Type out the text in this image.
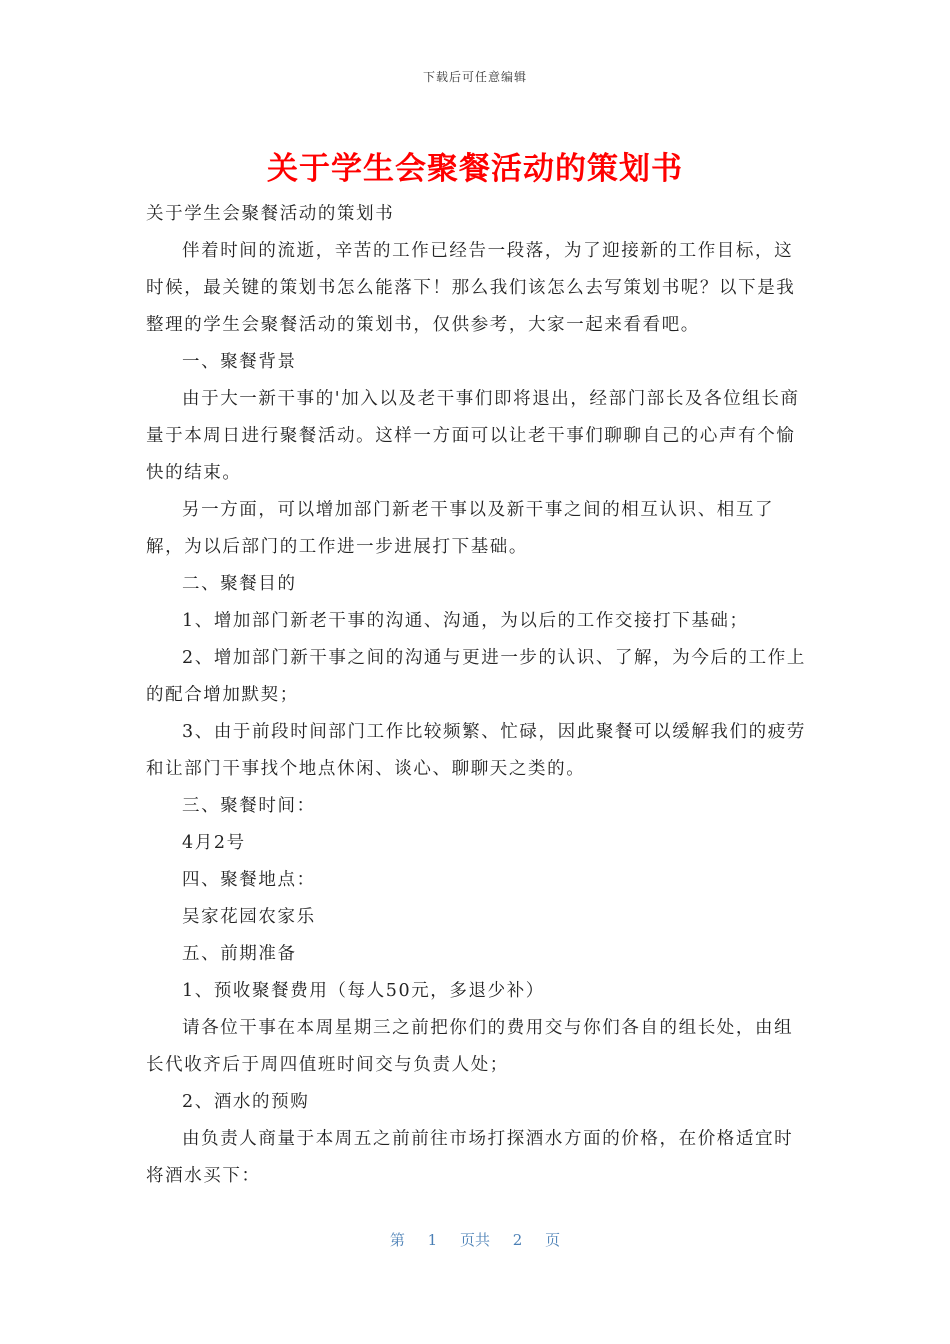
下载后可任意编辑
关于学生会聚餐活动的策划书

关于学生会聚餐活动的策划书

伴着时间的流逝，辛苦的工作已经告一段落，为了迎接新的工作目标，这时候，最关键的策划书怎么能落下！那么我们该怎么去写策划书呢？以下是我整理的学生会聚餐活动的策划书，仅供参考，大家一起来看看吧。

一、聚餐背景

由于大一新干事的'加入以及老干事们即将退出，经部门部长及各位组长商量于本周日进行聚餐活动。这样一方面可以让老干事们聊聊自己的心声有个愉快的结束。

另一方面，可以增加部门新老干事以及新干事之间的相互认识、相互了解，为以后部门的工作进一步进展打下基础。

二、聚餐目的

1、增加部门新老干事的沟通、沟通，为以后的工作交接打下基础；

2、增加部门新干事之间的沟通与更进一步的认识、了解，为今后的工作上的配合增加默契；

3、由于前段时间部门工作比较频繁、忙碌，因此聚餐可以缓解我们的疲劳和让部门干事找个地点休闲、谈心、聊聊天之类的。

三、聚餐时间：

4月2号

四、聚餐地点：

吴家花园农家乐

五、前期准备

1、预收聚餐费用（每人50元，多退少补）

请各位干事在本周星期三之前把你们的费用交与你们各自的组长处，由组长代收齐后于周四值班时间交与负责人处；

2、酒水的预购

由负责人商量于本周五之前前往市场打探酒水方面的价格，在价格适宜时将酒水买下：

第 1 页共 2 页
